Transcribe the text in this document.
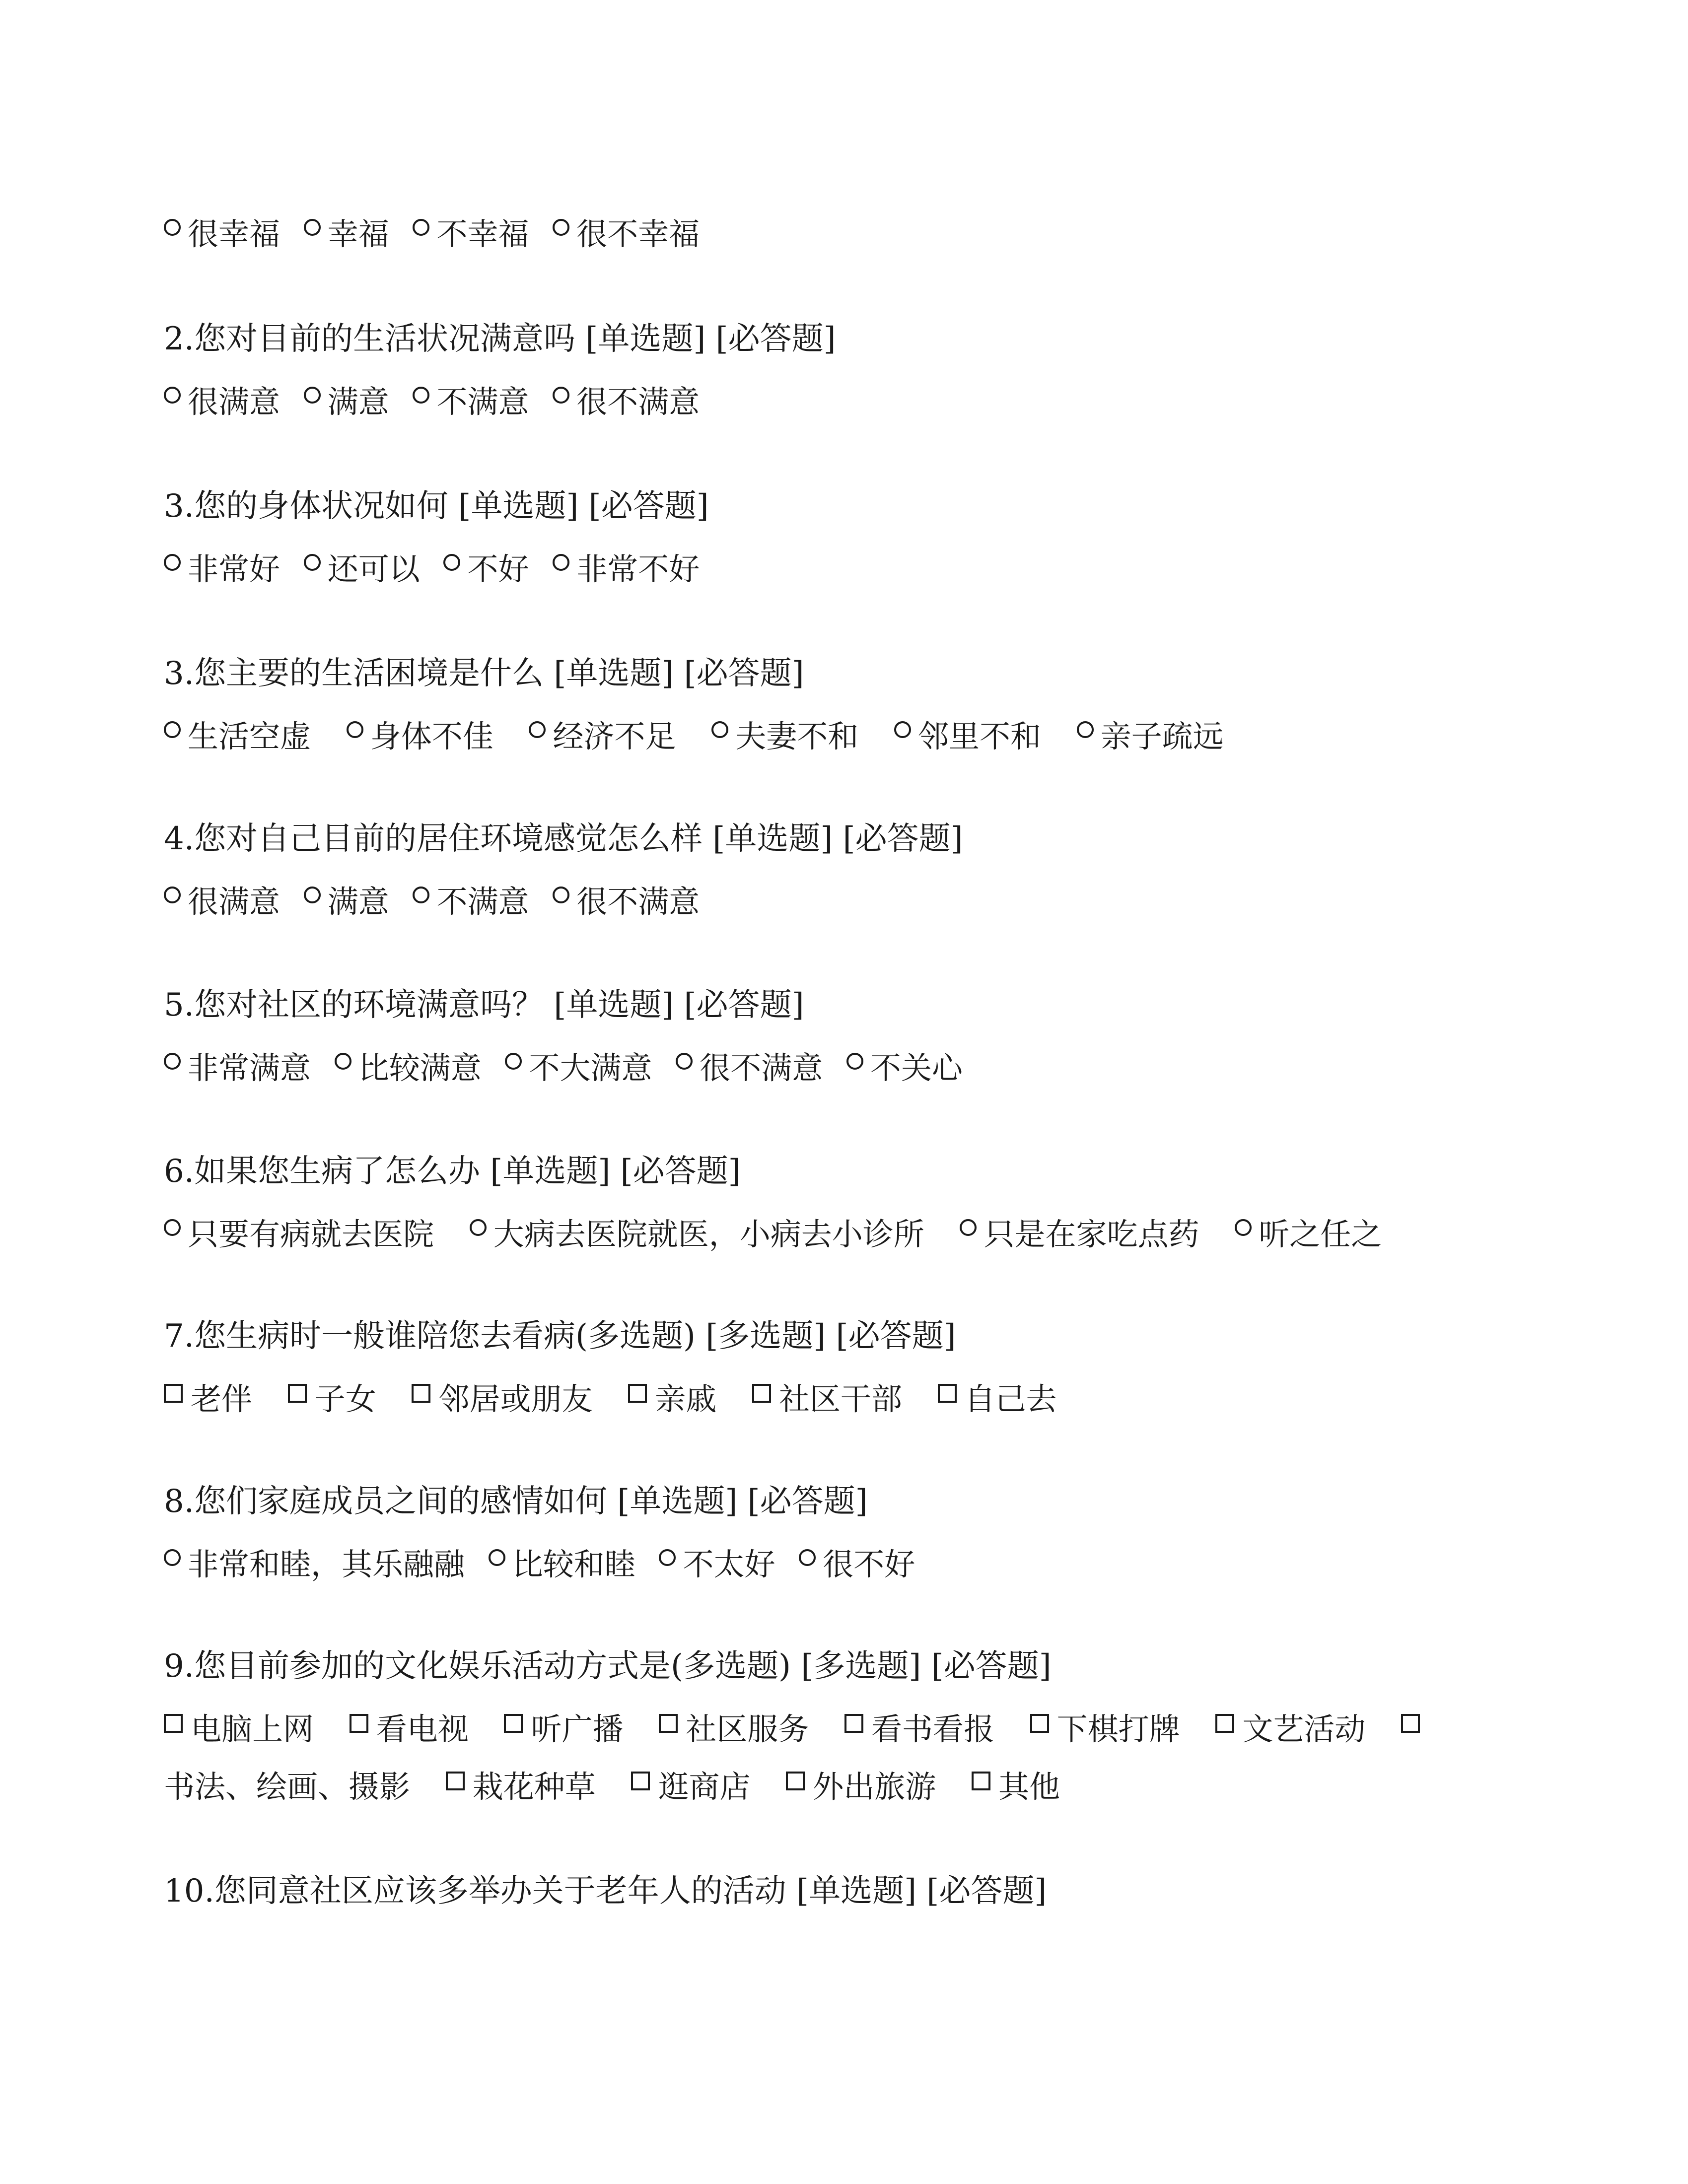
很幸福 幸福 不幸福 很不幸福
2.您对目前的生活状况满意吗 [单选题] [必答题]
很满意 满意 不满意 很不满意
3.您的身体状况如何 [单选题] [必答题]
非常好 还可以 不好 非常不好
3.您主要的生活困境是什么 [单选题] [必答题]
生活空虚 身体不佳 经济不足 夫妻不和 邻里不和 亲子疏远
4.您对自己目前的居住环境感觉怎么样 [单选题] [必答题]
很满意 满意 不满意 很不满意
5.您对社区的环境满意吗？ [单选题] [必答题]
非常满意 比较满意 不大满意 很不满意 不关心
6.如果您生病了怎么办 [单选题] [必答题]
只要有病就去医院 大病去医院就医，小病去小诊所 只是在家吃点药 听之任之
7.您生病时一般谁陪您去看病(多选题) [多选题] [必答题]
老伴 子女 邻居或朋友 亲戚 社区干部 自己去
8.您们家庭成员之间的感情如何 [单选题] [必答题]
非常和睦，其乐融融 比较和睦 不太好 很不好
9.您目前参加的文化娱乐活动方式是(多选题) [多选题] [必答题]
电脑上网 看电视 听广播 社区服务 看书看报 下棋打牌 文艺活动
书法、绘画、摄影 栽花种草 逛商店 外出旅游 其他
10.您同意社区应该多举办关于老年人的活动 [单选题] [必答题]
